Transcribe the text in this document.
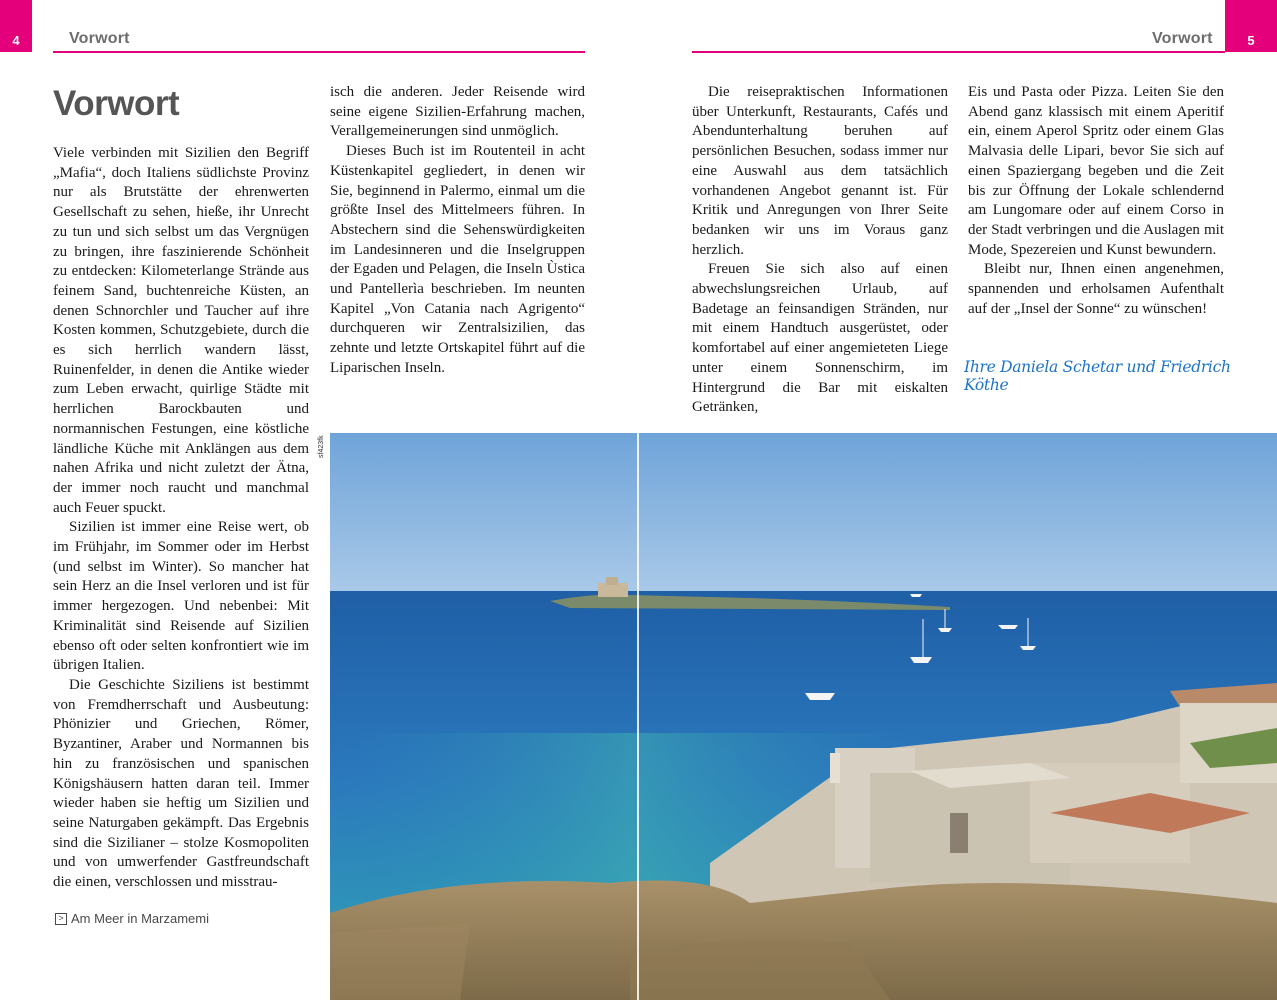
4	5
Vorwort	Vorwort
Vorwort

Viele verbinden mit Sizilien den Begriff „Mafia“, doch Italiens südlichste Provinz nur als Brutstätte der ehrenwerten Gesellschaft zu sehen, hieße, ihr Unrecht zu tun und sich selbst um das Vergnügen zu bringen, ihre faszinierende Schönheit zu entdecken: Kilometerlange Strände aus feinem Sand, buchtenreiche Küsten, an denen Schnorchler und Taucher auf ihre Kosten kommen, Schutzgebiete, durch die es sich herrlich wandern lässt, Ruinenfelder, in denen die Antike wieder zum Leben erwacht, quirlige Städte mit herrlichen Barockbauten und normannischen Festungen, eine köstliche ländliche Küche mit Anklängen aus dem nahen Afrika und nicht zuletzt der Ätna, der immer noch raucht und manchmal auch Feuer spuckt.

Sizilien ist immer eine Reise wert, ob im Frühjahr, im Sommer oder im Herbst (und selbst im Winter). So mancher hat sein Herz an die Insel verloren und ist für immer hergezogen. Und nebenbei: Mit Kriminalität sind Reisende auf Sizilien ebenso oft oder selten konfrontiert wie im übrigen Italien.

Die Geschichte Siziliens ist bestimmt von Fremdherrschaft und Ausbeutung: Phönizier und Griechen, Römer, Byzantiner, Araber und Normannen bis hin zu französischen und spanischen Königshäusern hatten daran teil. Immer wieder haben sie heftig um Sizilien und seine Naturgaben gekämpft. Das Ergebnis sind die Sizilianer – stolze Kosmopoliten und von umwerfender Gastfreundschaft die einen, verschlossen und misstrau-

isch die anderen. Jeder Reisende wird seine eigene Sizilien-Erfahrung machen, Verallgemeinerungen sind unmöglich.

Dieses Buch ist im Routenteil in acht Küstenkapitel gegliedert, in denen wir Sie, beginnend in Palermo, einmal um die größte Insel des Mittelmeers führen. In Abstechern sind die Sehenswürdigkeiten im Landesinneren und die Inselgruppen der Egaden und Pelagen, die Inseln Ùstica und Pantellerìa beschrieben. Im neunten Kapitel „Von Catania nach Agrigento“ durchqueren wir Zentralsizilien, das zehnte und letzte Ortskapitel führt auf die Liparischen Inseln.

Die reisepraktischen Informationen über Unterkunft, Restaurants, Cafés und Abendunterhaltung beruhen auf persönlichen Besuchen, sodass immer nur eine Auswahl aus dem tatsächlich vorhandenen Angebot genannt ist. Für Kritik und Anregungen von Ihrer Seite bedanken wir uns im Voraus ganz herzlich.

Freuen Sie sich also auf einen abwechslungsreichen Urlaub, auf Badetage an feinsandigen Stränden, nur mit einem Handtuch ausgerüstet, oder komfortabel auf einer angemieteten Liege unter einem Sonnenschirm, im Hintergrund die Bar mit eiskalten Getränken,

Eis und Pasta oder Pizza. Leiten Sie den Abend ganz klassisch mit einem Aperitif ein, einem Aperol Spritz oder einem Glas Malvasia delle Lipari, bevor Sie sich auf einen Spaziergang begeben und die Zeit bis zur Öffnung der Lokale schlendernd am Lungomare oder auf einem Corso in der Stadt verbringen und die Auslagen mit Mode, Spezereien und Kunst bewundern.

Bleibt nur, Ihnen einen angenehmen, spannenden und erholsamen Aufenthalt auf der „Insel der Sonne“ zu wünschen!

Ihre Daniela Schetar und Friedrich Köthe
> Am Meer in Marzamemi
sf423fk
